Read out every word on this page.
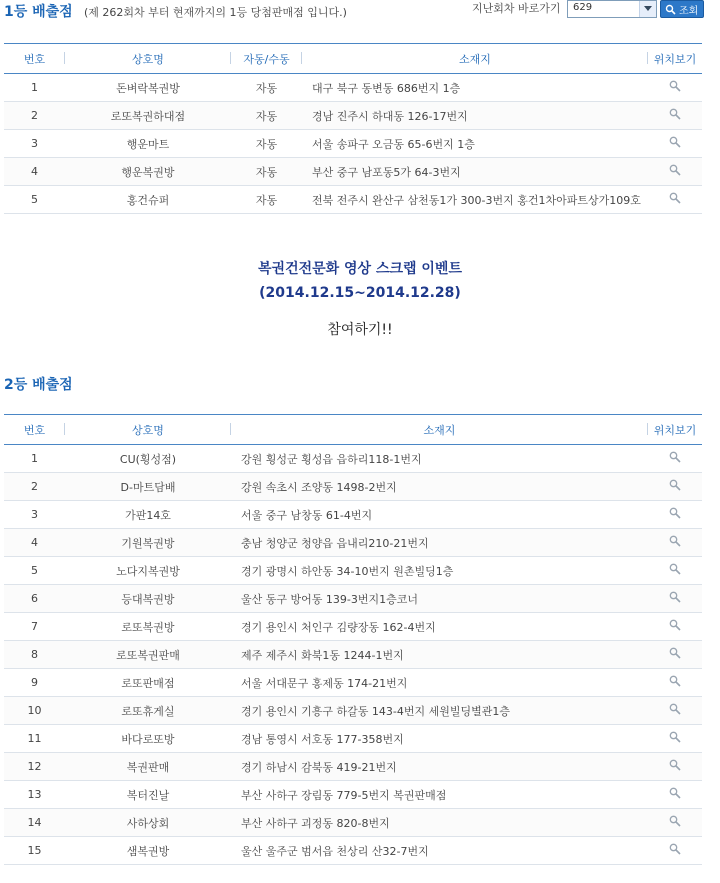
1등 배출점 (제 262회차 부터 현재까지의 1등 당첨판매점 입니다.)	지난회차 바로가기 629	조회
번호	상호명	자동/수동	소재지	위치보기
1	돈벼락복권방	자동	대구 북구 동변동 686번지 1층	
2	로또복권하대점	자동	경남 진주시 하대동 126-17번지	
3	행운마트	자동	서울 송파구 오금동 65-6번지 1층	
4	행운복권방	자동	부산 중구 남포동5가 64-3번지	
5	홍건슈퍼	자동	전북 전주시 완산구 삼천동1가 300-3번지 홍건1차아파트상가109호	
복권건전문화 영상 스크랩 이벤트
(2014.12.15~2014.12.28)
참여하기!!
2등 배출점
번호	상호명	소재지	위치보기
1	CU(횡성점)	강원 횡성군 횡성읍 읍하리118-1번지	
2	D-마트담배	강원 속초시 조양동 1498-2번지	
3	가판14호	서울 중구 남창동 61-4번지	
4	기원복권방	충남 청양군 청양읍 읍내리210-21번지	
5	노다지복권방	경기 광명시 하안동 34-10번지 원촌빌딩1층	
6	등대복권방	울산 동구 방어동 139-3번지1층코너	
7	로또복권방	경기 용인시 처인구 김량장동 162-4번지	
8	로또복권판매	제주 제주시 화북1동 1244-1번지	
9	로또판매점	서울 서대문구 홍제동 174-21번지	
10	로또휴게실	경기 용인시 기흥구 하갈동 143-4번지 세원빌딩별관1층	
11	바다로또방	경남 통영시 서호동 177-358번지	
12	복권판매	경기 하남시 감북동 419-21번지	
13	복터진날	부산 사하구 장림동 779-5번지 복권판매점	
14	사하상회	부산 사하구 괴정동 820-8번지	
15	샘복권방	울산 울주군 범서읍 천상리 산32-7번지	
